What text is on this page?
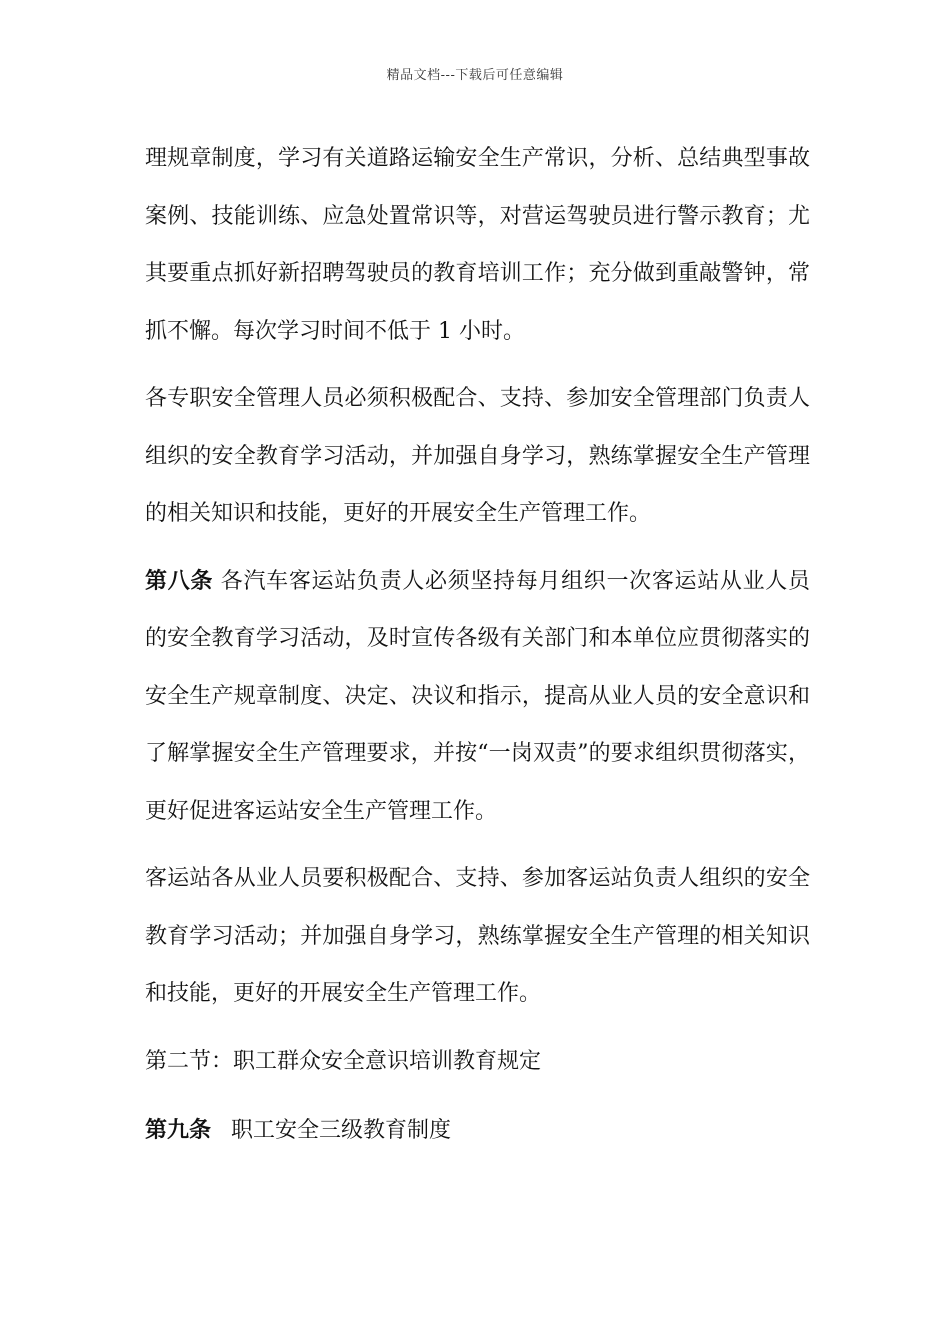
精品文档---下载后可任意编辑

理规章制度，学习有关道路运输安全生产常识，分析、总结典型事故案例、技能训练、应急处置常识等，对营运驾驶员进行警示教育；尤其要重点抓好新招聘驾驶员的教育培训工作；充分做到重敲警钟，常抓不懈。每次学习时间不低于 1 小时。

各专职安全管理人员必须积极配合、支持、参加安全管理部门负责人组织的安全教育学习活动，并加强自身学习，熟练掌握安全生产管理的相关知识和技能，更好的开展安全生产管理工作。

第八条 各汽车客运站负责人必须坚持每月组织一次客运站从业人员的安全教育学习活动，及时宣传各级有关部门和本单位应贯彻落实的安全生产规章制度、决定、决议和指示，提高从业人员的安全意识和了解掌握安全生产管理要求，并按“一岗双责”的要求组织贯彻落实，更好促进客运站安全生产管理工作。

客运站各从业人员要积极配合、支持、参加客运站负责人组织的安全教育学习活动；并加强自身学习，熟练掌握安全生产管理的相关知识和技能，更好的开展安全生产管理工作。

第二节：职工群众安全意识培训教育规定

第九条 职工安全三级教育制度
